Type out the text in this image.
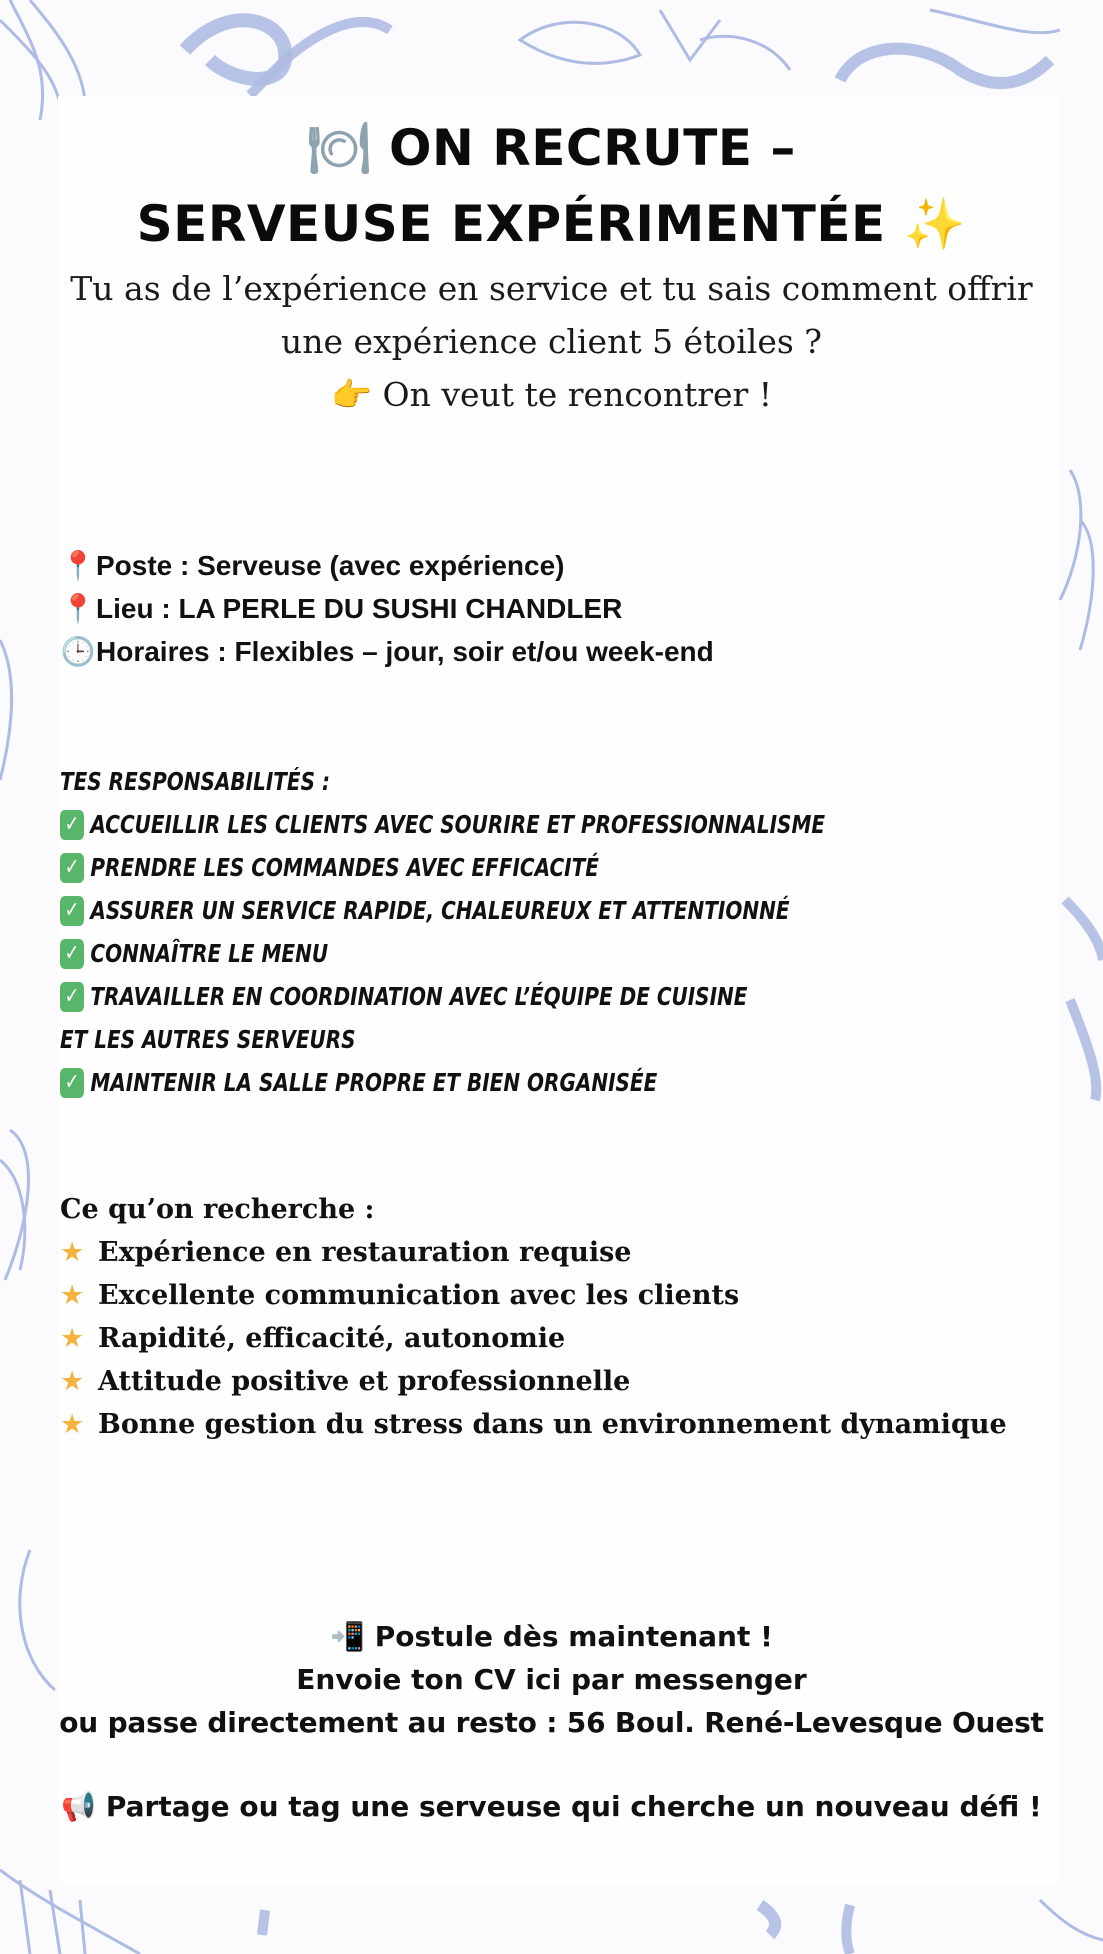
🍽 ON RECRUTE –
SERVEUSE EXPÉRIMENTÉE ✨
Tu as de l’expérience en service et tu sais comment offrir
une expérience client 5 étoiles ?
👉 On veut te rencontrer !
📍 Poste : Serveuse (avec expérience)
📍 Lieu : LA PERLE DU SUSHI CHANDLER
🕒 Horaires : Flexibles – jour, soir et/ou week-end
TES RESPONSABILITÉS :
✓ ACCUEILLIR LES CLIENTS AVEC SOURIRE ET PROFESSIONNALISME
✓ PRENDRE LES COMMANDES AVEC EFFICACITÉ
✓ ASSURER UN SERVICE RAPIDE, CHALEUREUX ET ATTENTIONNÉ
✓ CONNAÎTRE LE MENU
✓ TRAVAILLER EN COORDINATION AVEC L’ÉQUIPE DE CUISINE
ET LES AUTRES SERVEURS
✓ MAINTENIR LA SALLE PROPRE ET BIEN ORGANISÉE
Ce qu’on recherche :
★ Expérience en restauration requise
★ Excellente communication avec les clients
★ Rapidité, efficacité, autonomie
★ Attitude positive et professionnelle
★ Bonne gestion du stress dans un environnement dynamique
📲 Postule dès maintenant !
Envoie ton CV ici par messenger
ou passe directement au resto : 56 Boul. René-Levesque Ouest
📢 Partage ou tag une serveuse qui cherche un nouveau défi !
